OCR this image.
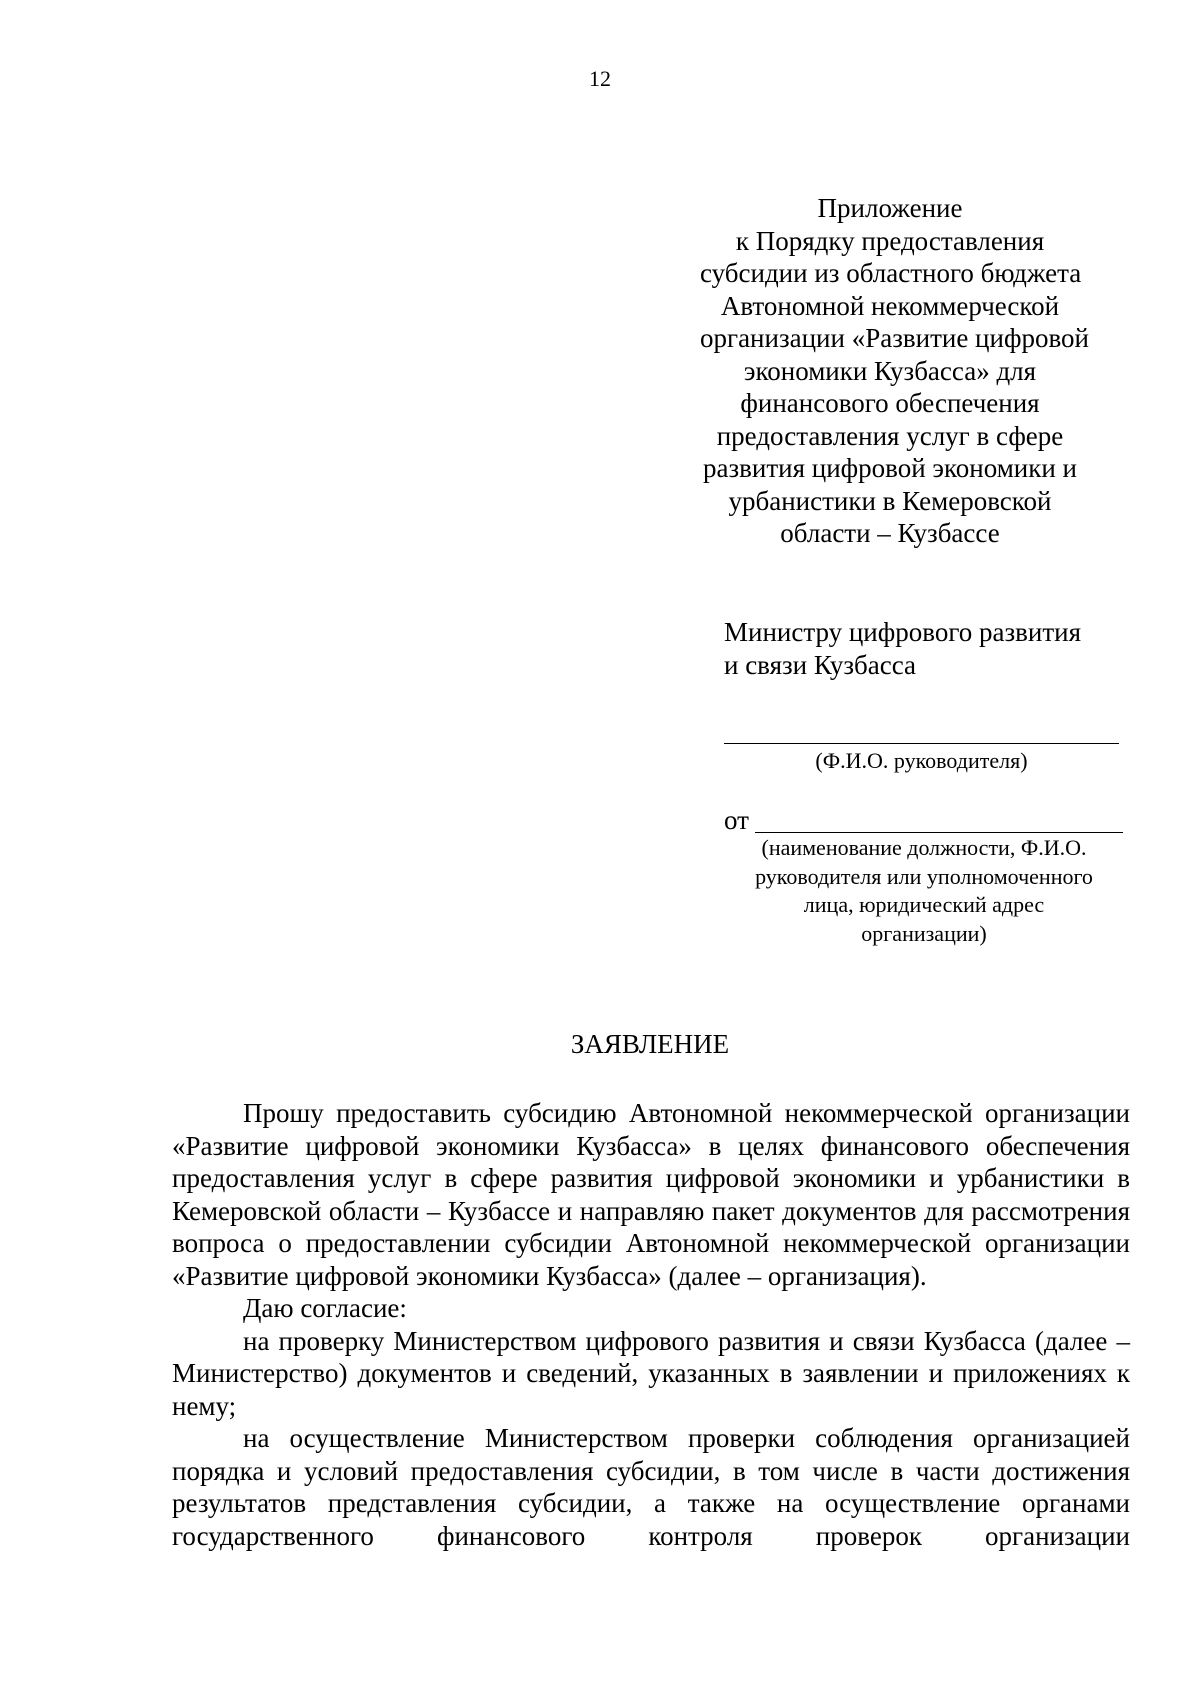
12
Приложение
к Порядку предоставления
субсидии из областного бюджета
Автономной некоммерческой
организации «Развитие цифровой
экономики Кузбасса» для
финансового обеспечения
предоставления услуг в сфере
развития цифровой экономики и
урбанистики в Кемеровской
области – Кузбассе
Министру цифрового развития
и связи Кузбасса
(Ф.И.О. руководителя)
от
(наименование должности, Ф.И.О.
руководителя или уполномоченного
лица, юридический адрес
организации)
ЗАЯВЛЕНИЕ

Прошу предоставить субсидию Автономной некоммерческой организации «Развитие цифровой экономики Кузбасса» в целях финансового обеспечения предоставления услуг в сфере развития цифровой экономики и урбанистики в Кемеровской области – Кузбассе и направляю пакет документов для рассмотрения вопроса о предоставлении субсидии Автономной некоммерческой организации «Развитие цифровой экономики Кузбасса» (далее – организация).

Даю согласие:

на проверку Министерством цифрового развития и связи Кузбасса (далее – Министерство) документов и сведений, указанных в заявлении и приложениях к нему;

на осуществление Министерством проверки соблюдения организацией порядка и условий предоставления субсидии, в том числе в части достижения результатов представления субсидии, а также на осуществление органами государственного финансового контроля проверок организации
